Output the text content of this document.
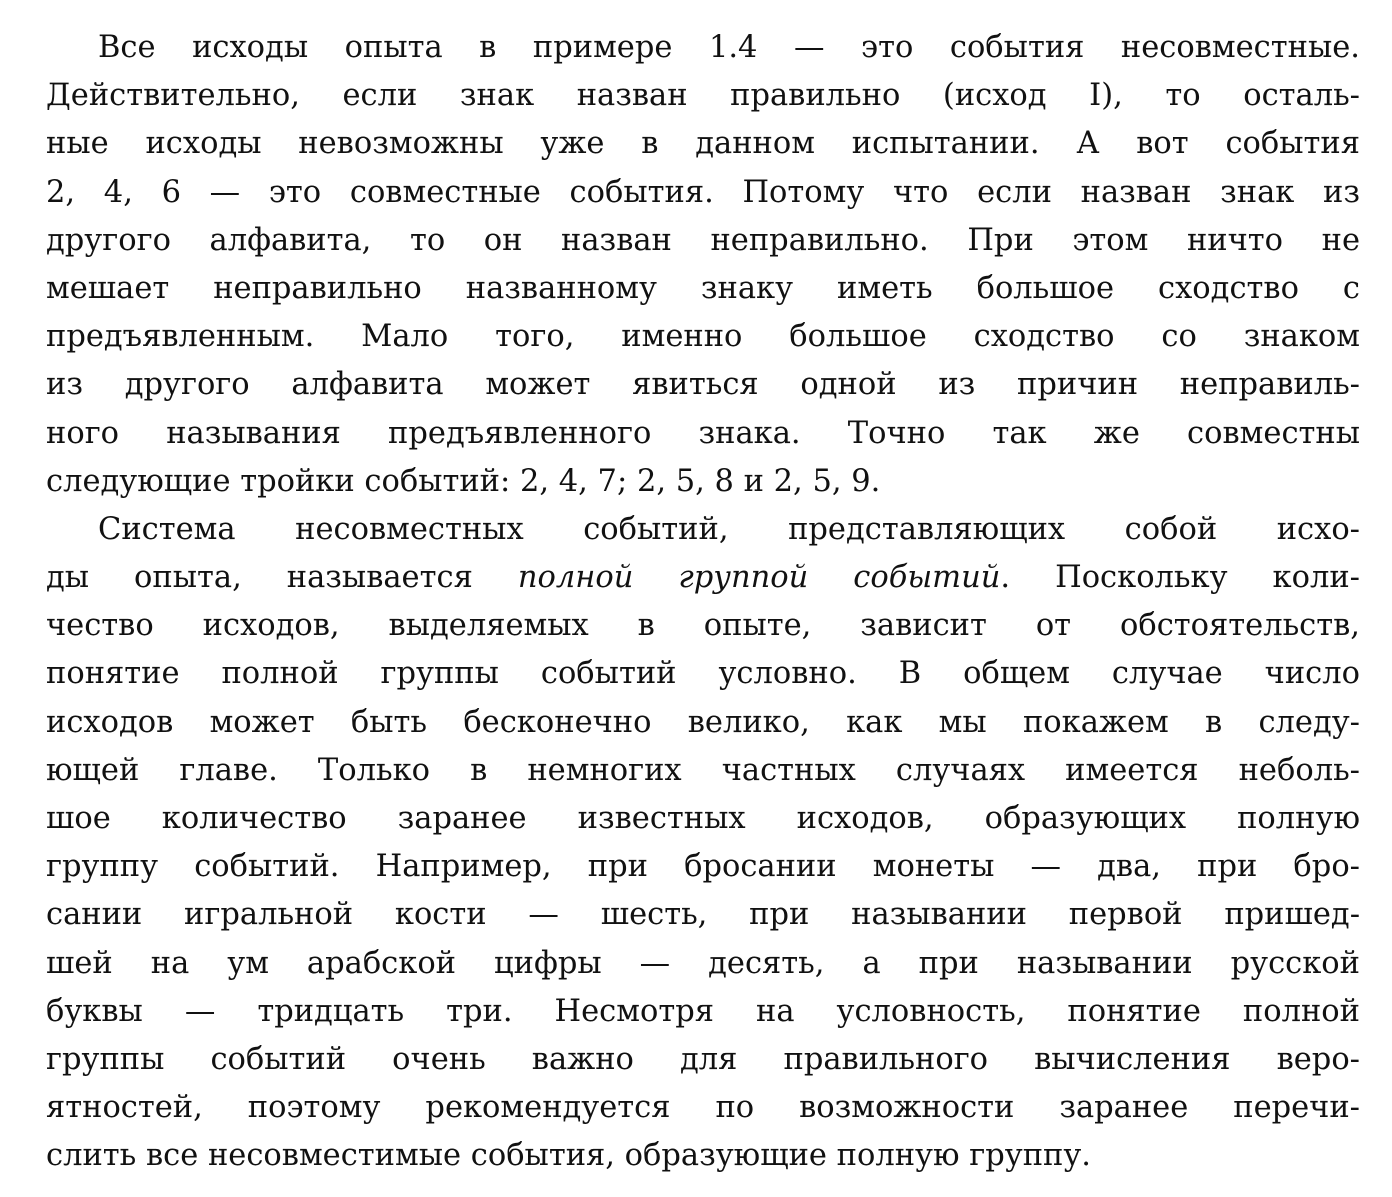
Все исходы опыта в примере 1.4 — это события несовместные.
Действительно, если знак назван правильно (исход I), то осталь-
ные исходы невозможны уже в данном испытании. А вот события
2, 4, 6 — это совместные события. Потому что если назван знак из
другого алфавита, то он назван неправильно. При этом ничто не
мешает неправильно названному знаку иметь большое сходство с
предъявленным. Мало того, именно большое сходство со знаком
из другого алфавита может явиться одной из причин неправиль-
ного называния предъявленного знака. Точно так же совместны
следующие тройки событий: 2, 4, 7; 2, 5, 8 и 2, 5, 9.
Система несовместных событий, представляющих собой исхо-
ды опыта, называется полной группой событий. Поскольку коли-
чество исходов, выделяемых в опыте, зависит от обстоятельств,
понятие полной группы событий условно. В общем случае число
исходов может быть бесконечно велико, как мы покажем в следу-
ющей главе. Только в немногих частных случаях имеется неболь-
шое количество заранее известных исходов, образующих полную
группу событий. Например, при бросании монеты — два, при бро-
сании игральной кости — шесть, при назывании первой пришед-
шей на ум арабской цифры — десять, а при назывании русской
буквы — тридцать три. Несмотря на условность, понятие полной
группы событий очень важно для правильного вычисления веро-
ятностей, поэтому рекомендуется по возможности заранее перечи-
слить все несовместимые события, образующие полную группу.
